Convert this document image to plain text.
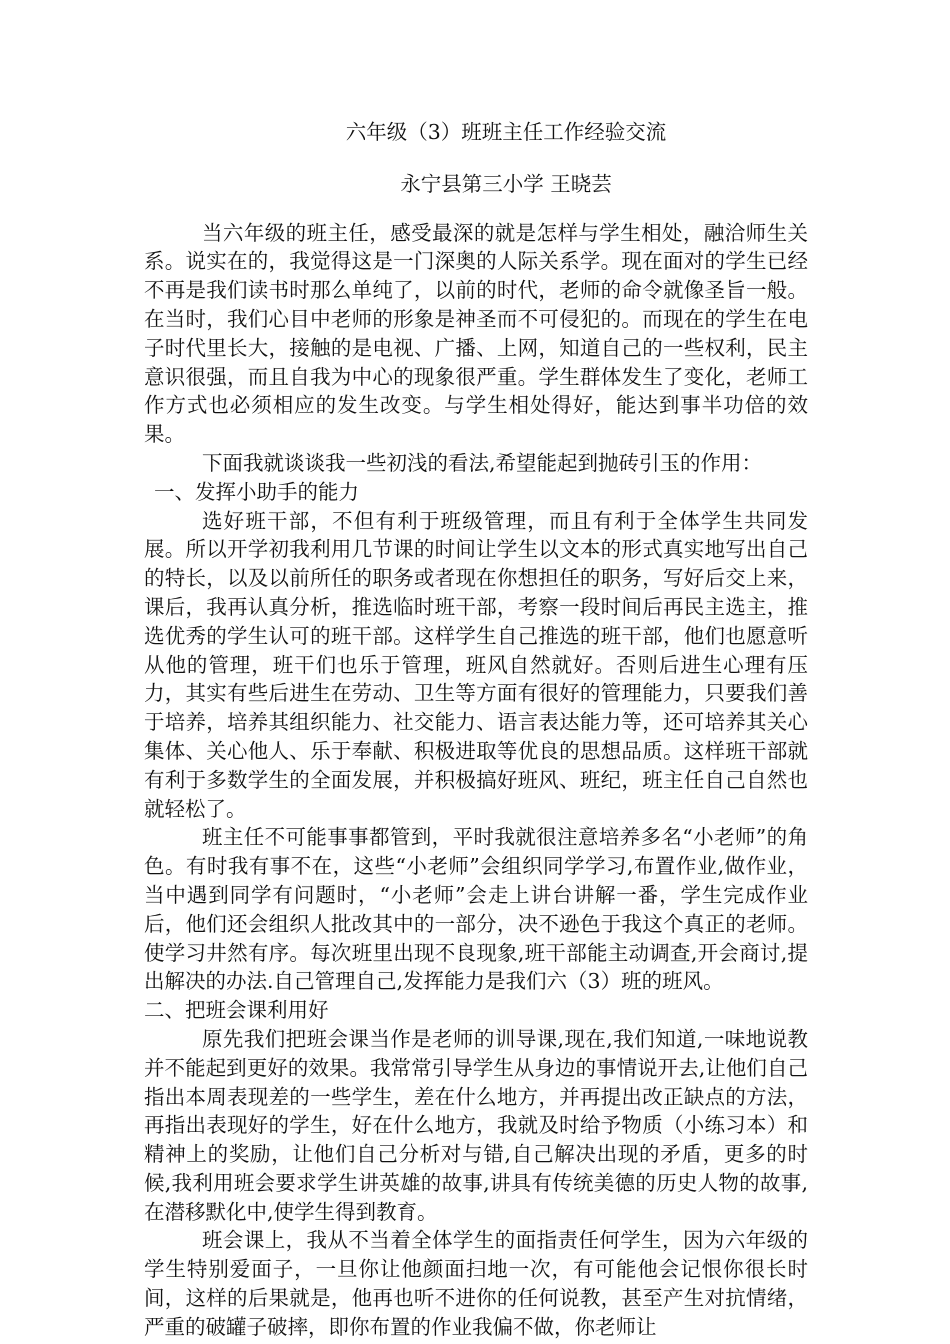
六年级（3）班班主任工作经验交流
永宁县第三小学 王晓芸

当六年级的班主任，感受最深的就是怎样与学生相处，融洽师生关系。说实在的，我觉得这是一门深奥的人际关系学。现在面对的学生已经不再是我们读书时那么单纯了，以前的时代，老师的命令就像圣旨一般。在当时，我们心目中老师的形象是神圣而不可侵犯的。而现在的学生在电子时代里长大，接触的是电视、广播、上网，知道自己的一些权利，民主意识很强，而且自我为中心的现象很严重。学生群体发生了变化，老师工作方式也必须相应的发生改变。与学生相处得好，能达到事半功倍的效果。

下面我就谈谈我一些初浅的看法,希望能起到抛砖引玉的作用：

一、发挥小助手的能力

选好班干部，不但有利于班级管理，而且有利于全体学生共同发展。所以开学初我利用几节课的时间让学生以文本的形式真实地写出自己的特长，以及以前所任的职务或者现在你想担任的职务，写好后交上来，课后，我再认真分析，推选临时班干部，考察一段时间后再民主选主，推选优秀的学生认可的班干部。这样学生自己推选的班干部，他们也愿意听从他的管理，班干们也乐于管理，班风自然就好。否则后进生心理有压力，其实有些后进生在劳动、卫生等方面有很好的管理能力，只要我们善于培养，培养其组织能力、社交能力、语言表达能力等，还可培养其关心集体、关心他人、乐于奉献、积极进取等优良的思想品质。这样班干部就有利于多数学生的全面发展，并积极搞好班风、班纪，班主任自己自然也就轻松了。

班主任不可能事事都管到，平时我就很注意培养多名“小老师”的角色。有时我有事不在，这些“小老师”会组织同学学习,布置作业,做作业，当中遇到同学有问题时，“小老师”会走上讲台讲解一番，学生完成作业后，他们还会组织人批改其中的一部分，决不逊色于我这个真正的老师。使学习井然有序。每次班里出现不良现象,班干部能主动调查,开会商讨,提出解决的办法.自己管理自己,发挥能力是我们六（3）班的班风。

二、把班会课利用好

原先我们把班会课当作是老师的训导课,现在,我们知道,一味地说教并不能起到更好的效果。我常常引导学生从身边的事情说开去,让他们自己指出本周表现差的一些学生，差在什么地方，并再提出改正缺点的方法，再指出表现好的学生，好在什么地方，我就及时给予物质（小练习本）和精神上的奖励，让他们自己分析对与错,自己解决出现的矛盾，更多的时候,我利用班会要求学生讲英雄的故事,讲具有传统美德的历史人物的故事,在潜移默化中,使学生得到教育。

班会课上，我从不当着全体学生的面指责任何学生，因为六年级的学生特别爱面子，一旦你让他颜面扫地一次，有可能他会记恨你很长时间，这样的后果就是，他再也听不进你的任何说教，甚至产生对抗情绪，严重的破罐子破摔，即你布置的作业我偏不做，你老师让
